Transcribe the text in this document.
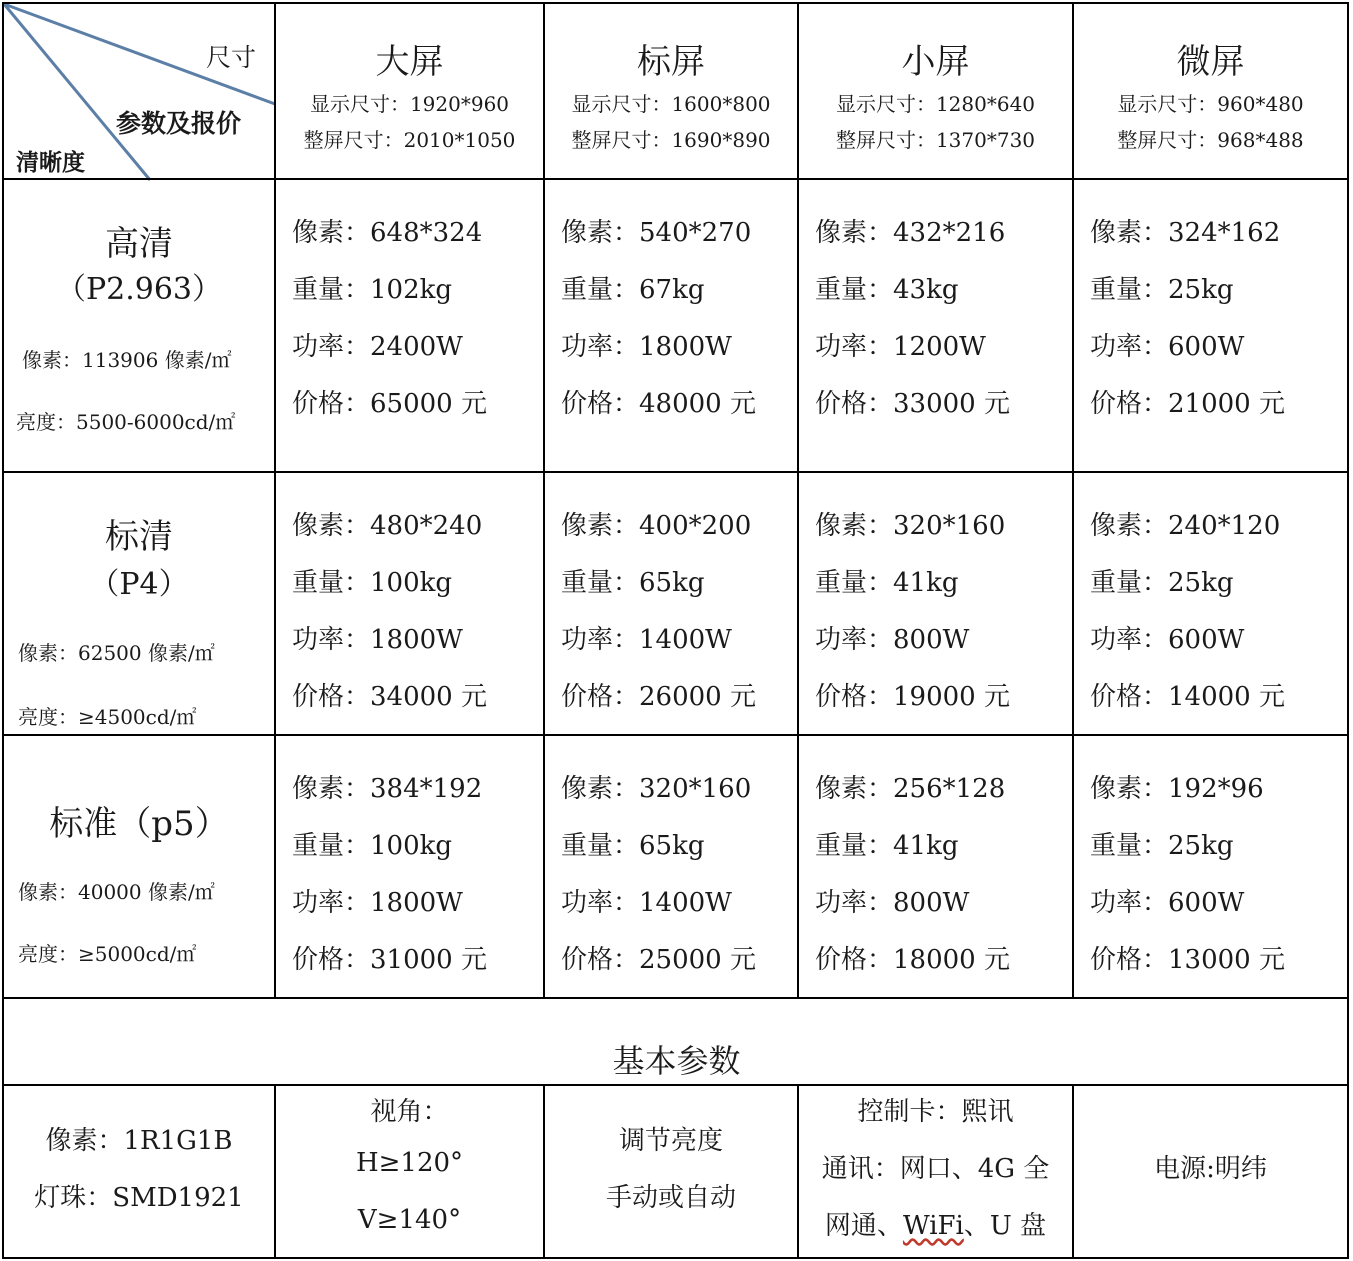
尺寸
参数及报价
清晰度
大屏
显示尺寸：1920*960
整屏尺寸：2010*1050
标屏
显示尺寸：1600*800
整屏尺寸：1690*890
小屏
显示尺寸：1280*640
整屏尺寸：1370*730
微屏
显示尺寸：960*480
整屏尺寸：968*488
高清
（P2.963）
像素：113906 像素/㎡
亮度：5500-6000cd/㎡
像素：648*324
重量：102kg
功率：2400W
价格：65000 元
像素：540*270
重量：67kg
功率：1800W
价格：48000 元
像素：432*216
重量：43kg
功率：1200W
价格：33000 元
像素：324*162
重量：25kg
功率：600W
价格：21000 元
标清
（P4）
像素：62500 像素/㎡
亮度：≥4500cd/㎡
像素：480*240
重量：100kg
功率：1800W
价格：34000 元
像素：400*200
重量：65kg
功率：1400W
价格：26000 元
像素：320*160
重量：41kg
功率：800W
价格：19000 元
像素：240*120
重量：25kg
功率：600W
价格：14000 元
标准（p5）
像素：40000 像素/㎡
亮度：≥5000cd/㎡
像素：384*192
重量：100kg
功率：1800W
价格：31000 元
像素：320*160
重量：65kg
功率：1400W
价格：25000 元
像素：256*128
重量：41kg
功率：800W
价格：18000 元
像素：192*96
重量：25kg
功率：600W
价格：13000 元
基本参数
像素：1R1G1B
灯珠：SMD1921
视角：
H≥120°
V≥140°
调节亮度
手动或自动
控制卡：熙讯
通讯：网口、4G 全
网通、WiFi、U 盘
电源:明纬
